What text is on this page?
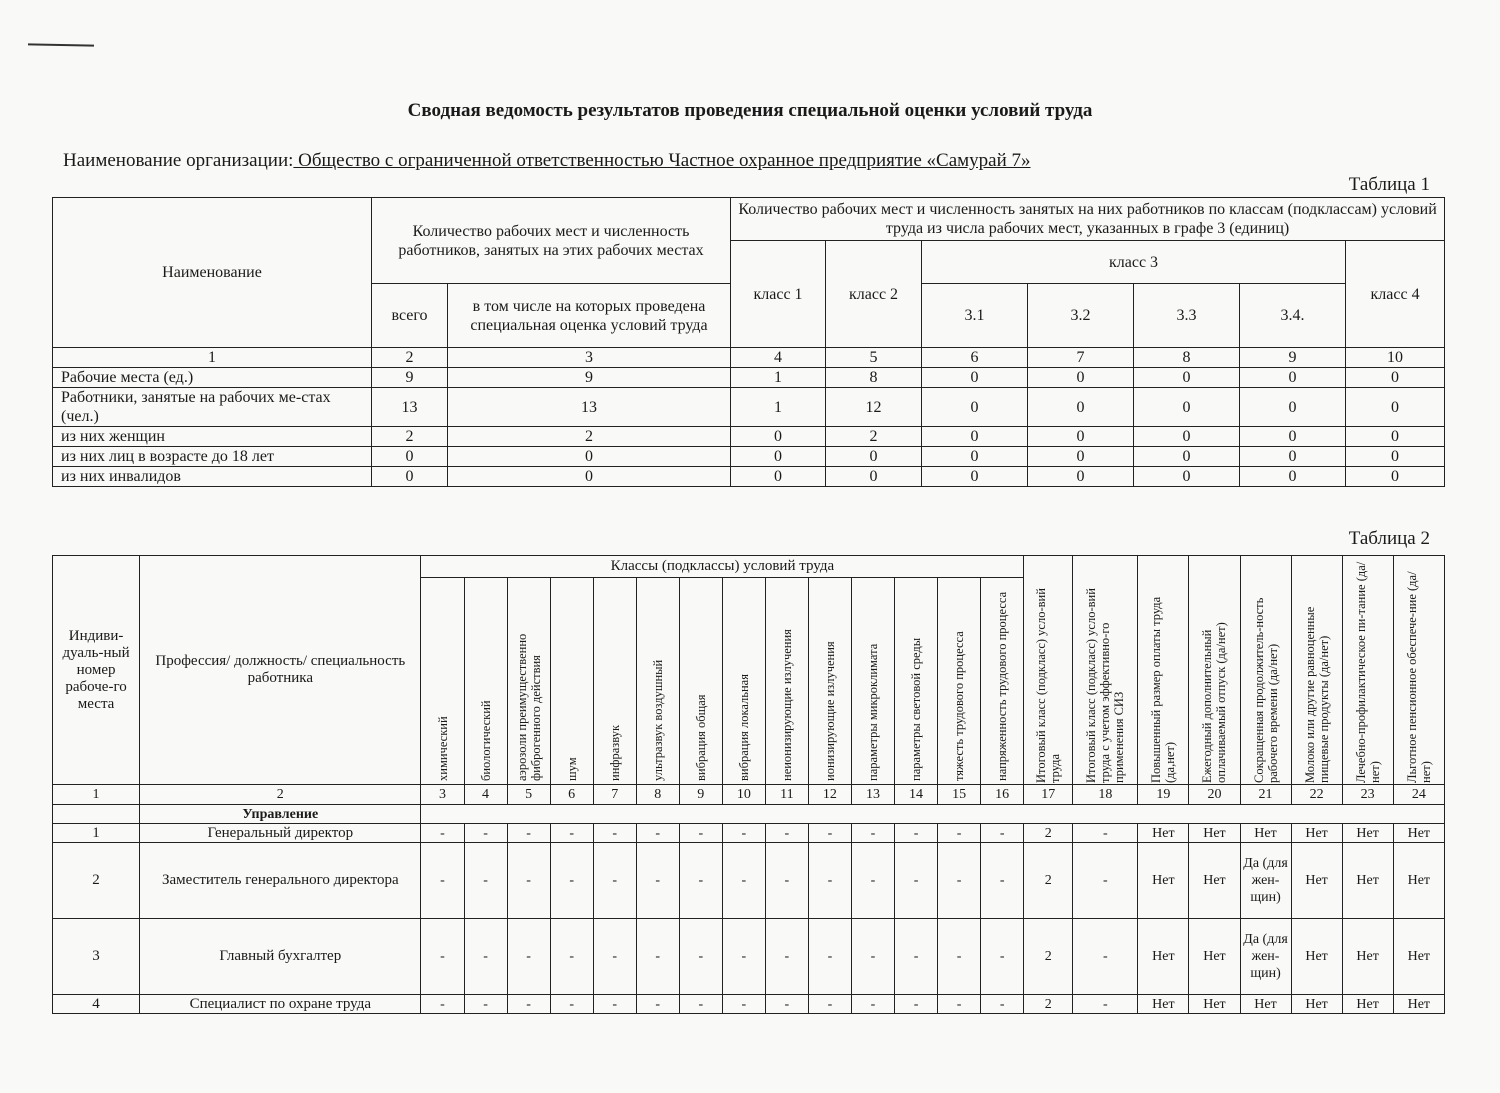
Сводная ведомость результатов проведения специальной оценки условий труда
Наименование организации: Общество с ограниченной ответственностью Частное охранное предприятие «Самурай 7»
Таблица 1
Наименование	Количество рабочих мест и численность работников, занятых на этих рабочих местах		Количество рабочих мест и численность занятых на них работников по классам (подклассам) условий труда из числа рабочих мест, указанных в графе 3 (единиц)						
			класс 1	класс 2	класс 3				класс 4
	всего	в том числе на которых проведена специальная оценка условий труда			3.1	3.2	3.3	3.4.	
1	2	3	4	5	6	7	8	9	10
Рабочие места (ед.)	9	9	1	8	0	0	0	0	0
Работники, занятые на рабочих ме-стах (чел.)	13	13	1	12	0	0	0	0	0
из них женщин	2	2	0	2	0	0	0	0	0
из них лиц в возрасте до 18 лет	0	0	0	0	0	0	0	0	0
из них инвалидов	0	0	0	0	0	0	0	0	0
Таблица 2
Индиви-дуаль-ный номер рабоче-го места	Профессия/ должность/ специальность работника	Классы (подклассы) условий труда														Итоговый класс (подкласс) усло-вий труда	Итоговый класс (подкласс) усло-вий труда с учетом эффективно-го применения СИЗ	Повышенный размер оплаты труда (да,нет)	Ежегодный дополнительный оплачиваемый отпуск (да/нет)	Сокращенная продолжитель-ность рабочего времени (да/нет)	Молоко или другие равноценные пищевые продукты (да/нет)	Лечебно-профилактическое пи-тание (да/нет)	Льготное пенсионное обеспече-ние (да/нет)

		химический	биологический	аэрозоли преимущественно фиброгенного действия	шум	инфразвук	ультразвук воздушный	вибрация общая	вибрация локальная	неионизирующие излучения	ионизирующие излучения	параметры микроклимата	параметры световой среды	тяжесть трудового процесса	напряженность трудового процесса								

1	2	3	4	5	6	7	8	9	10	11	12	13	14	15	16	17	18	19	20	21	22	23	24
	Управление																						
1	Генеральный директор	-	-	-	-	-	-	-	-	-	-	-	-	-	-	2	-	Нет	Нет	Нет	Нет	Нет	Нет
2	Заместитель генерального директора	-	-	-	-	-	-	-	-	-	-	-	-	-	-	2	-	Нет	Нет	Да (для жен-щин)	Нет	Нет	Нет
3	Главный бухгалтер	-	-	-	-	-	-	-	-	-	-	-	-	-	-	2	-	Нет	Нет	Да (для жен-щин)	Нет	Нет	Нет
4	Специалист по охране труда	-	-	-	-	-	-	-	-	-	-	-	-	-	-	2	-	Нет	Нет	Нет	Нет	Нет	Нет
